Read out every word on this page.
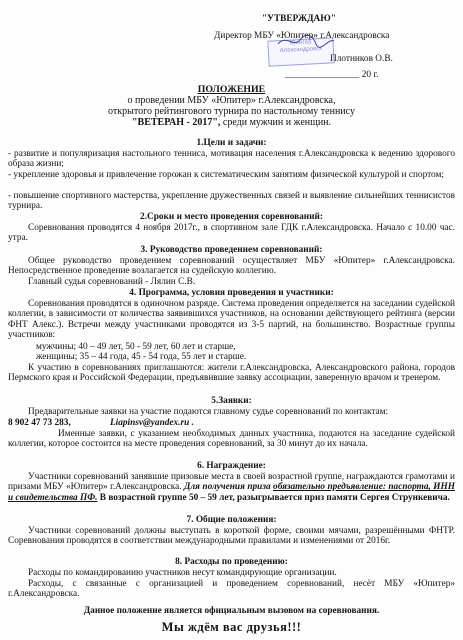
"УТВЕРЖДАЮ"
Директор МБУ «Юпитер» г.Александровска
Юпитер Александровск
Плотников О.В.
________________ 20 г.
ПОЛОЖЕНИЕ
о проведении МБУ «Юпитер» г.Александровска,
открытого рейтингового турнира по настольному теннису
"ВЕТЕРАН - 2017", среди мужчин и женщин.
1.Цели и задачи:
- развитие и популяризация настольного тенниса, мотивация населения г.Александровска к ведению здорового образа жизни;
- укрепление здоровья и привлечение горожан к систематическим занятиям физической культурой и спортом;
- повышение спортивного мастерства, укрепление дружественных связей и выявление сильнейших теннисистов турнира.
2.Сроки и место проведения соревнований:
Соревнования проводятся 4 ноября 2017г., в спортивном зале ГДК г.Александровска. Начало с 10.00 час. утра.
3. Руководство проведением соревнований:
Общее руководство проведением соревнований осуществляет МБУ «Юпитер» г.Александровска. Непосредственное проведение возлагается на судейскую коллегию.
Главный судья соревнований - Лялин С.В.
4. Программа, условия проведения и участники:
Соревнования проводятся в одиночном разряде. Система проведения определяется на заседании судейской коллегии, в зависимости от количества заявившихся участников, на основании действующего рейтинга (версии ФНТ Алекс.). Встречи между участниками проводятся из 3-5 партий, на большинство. Возрастные группы участников:
мужчины; 40 – 49 лет, 50 - 59 лет, 60 лет и старше,
женщины; 35 – 44 года, 45 - 54 года, 55 лет и старше.
К участию в соревнованиях приглашаются: жители г.Александровска, Александровского района, городов Пермского края и Российской Федерации, предъявившие заявку ассоциации, заверенную врачом и тренером.
5.Заявки:
Предварительные заявки на участие подаются главному судье соревнований по контактам:
8 902 47 73 283,	Liapinsv@yandex.ru .
Именные заявки, с указанием необходимых данных участника, подаются на заседание судейской коллегии, которое состоится на месте проведения соревнований, за 30 минут до их начала.
6. Награждение:
Участники соревнований занявшие призовые места в своей возрастной группе, награждаются грамотами и призами МБУ «Юпитер» г.Александровска. Для получения приза обязательно предъявление: паспорта, ИНН и свидетельства ПФ. В возрастной группе 50 – 59 лет, разыгрывается приз памяти Сергея Стрункевича.
7. Общие положения:
Участники соревнований должны выступать в короткой форме, своими мячами, разрешёнными ФНТР. Соревнования проводятся в соответствии международными правилами и изменениями от 2016г.
8. Расходы по проведению:
Расходы по командированию участников несут командирующие организации.
Расходы, с связанные с организацией и проведением соревнований, несёт МБУ «Юпитер» г.Александровска.
Данное положение является официальным вызовом на соревнования.
Мы ждём вас друзья!!!
